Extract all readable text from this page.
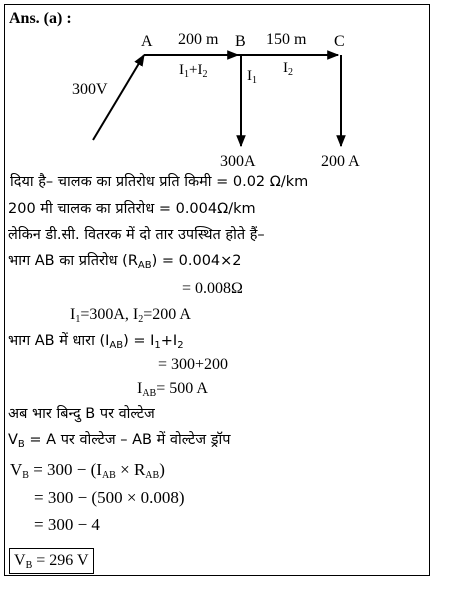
Ans. (a) :
A	B	C
200 m	150 m
300V
$I_1+I_2$	$I_1$
$I_2$
300A	200 A
दिया है– चालक का प्रतिरोध प्रति किमी = 0.02 Ω/km
200 मी चालक का प्रतिरोध = 0.004Ω/km
लेकिन डी.सी. वितरक में दो तार उपस्थित होते हैं–
भाग AB का प्रतिरोध $(R_{AB}) = 0.004\times 2$
= 0.008Ω
$I_1=300A$, $I_2=200$ A
भाग AB में धारा $(I_{AB}) = I_1+I_2$
= 300+200
$I_{AB}= 500$ A
अब भार बिन्दु B पर वोल्टेज
$V_B = A$ पर वोल्टेज – AB में वोल्टेज ड्रॉप
$V_B = 300 - (I_{AB} \times R_{AB})$
= 300 − (500 × 0.008)
= 300 − 4
$V_B = 296$ V
